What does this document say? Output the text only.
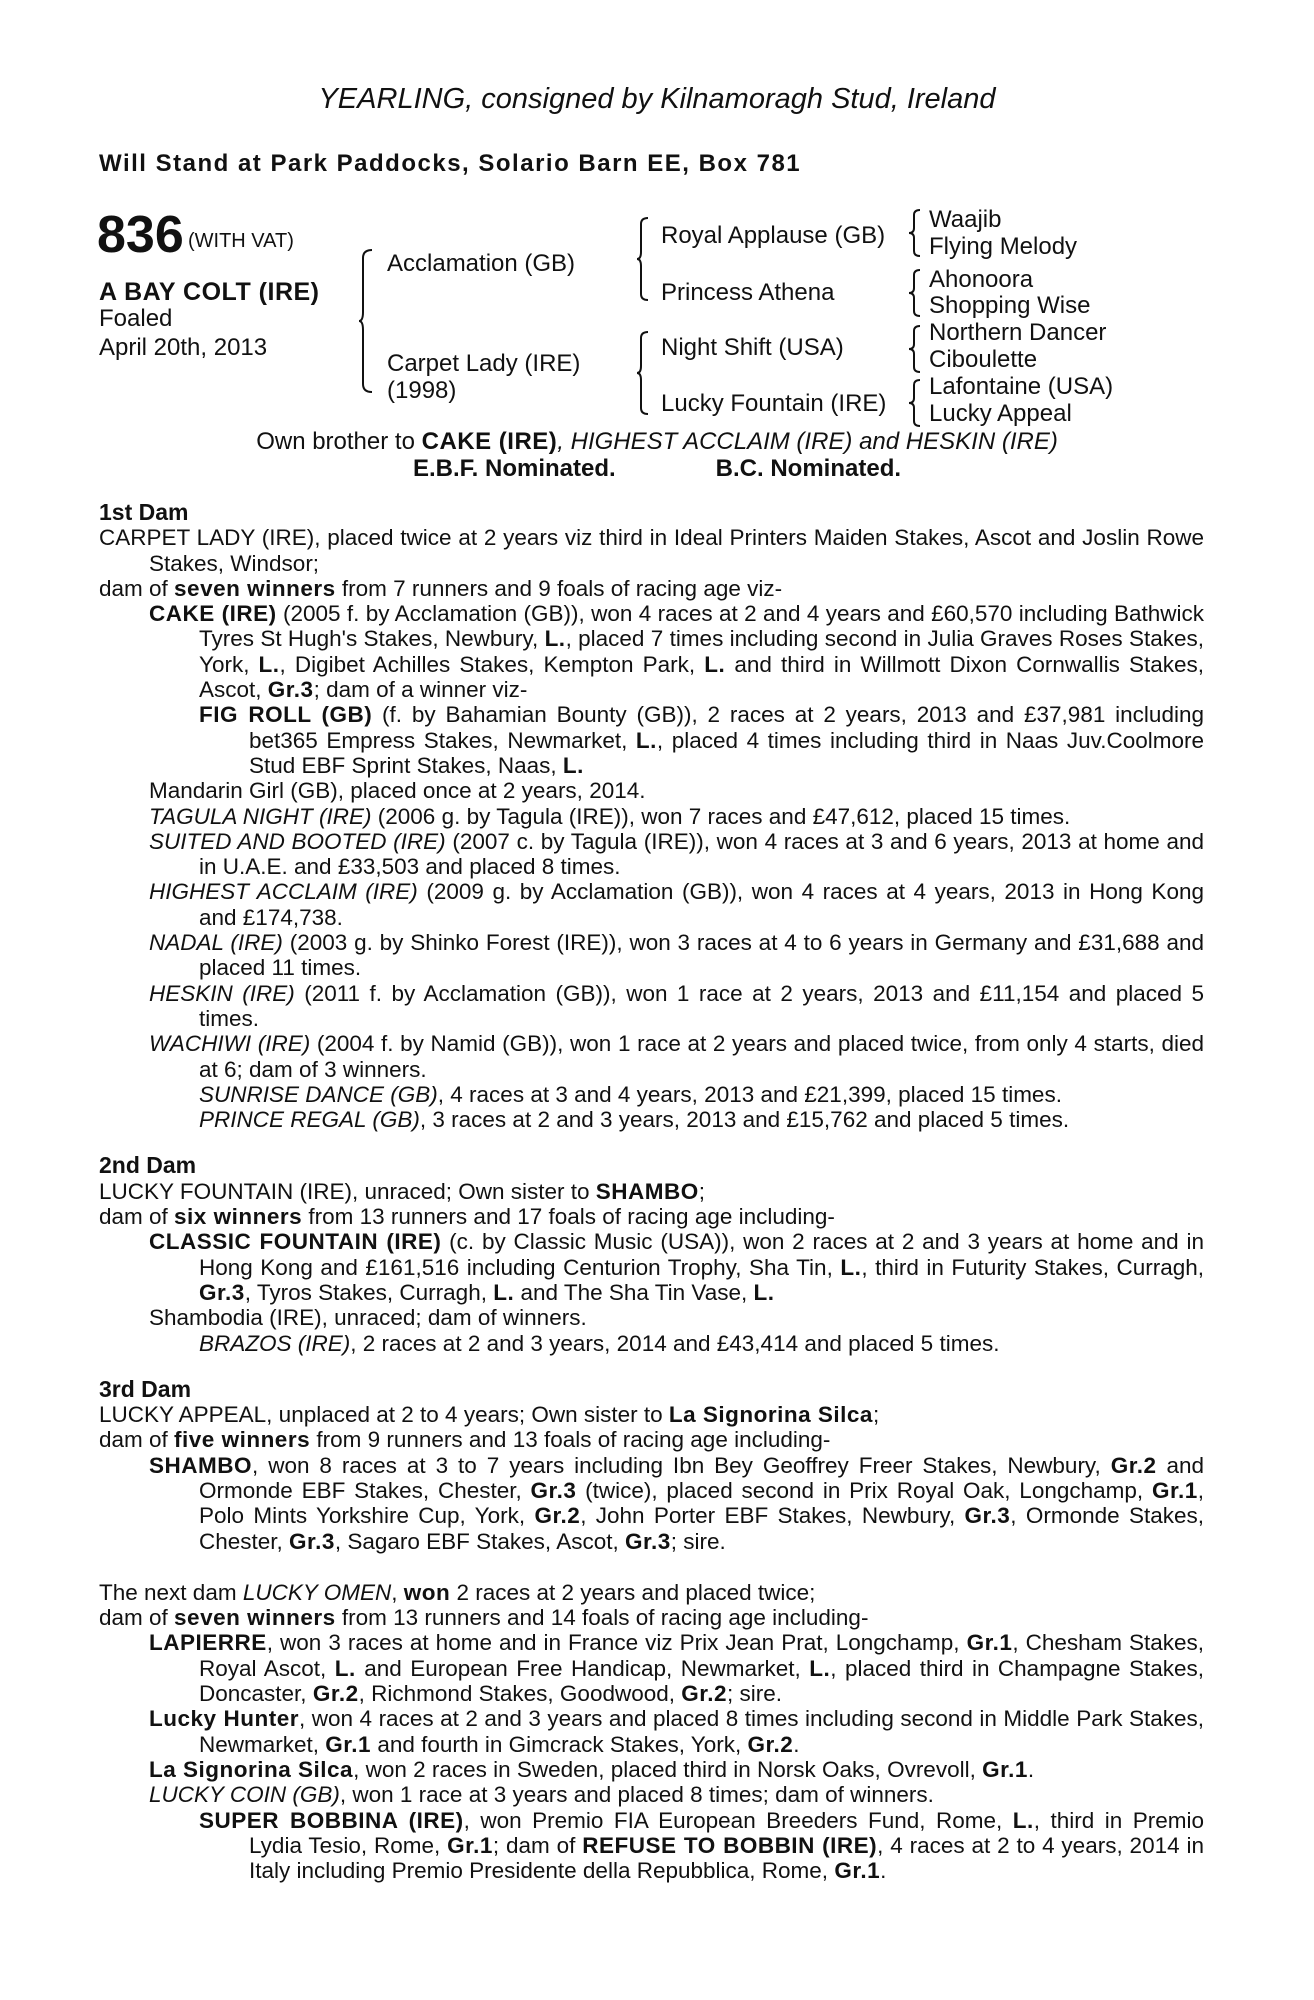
YEARLING, consigned by Kilnamoragh Stud, Ireland
Will Stand at Park Paddocks, Solario Barn EE, Box 781
836 (WITH VAT)
A BAY COLT (IRE)
Foaled
April 20th, 2013
Acclamation (GB)
Carpet Lady (IRE)
(1998)
Royal Applause (GB)
Princess Athena
Night Shift (USA)
Lucky Fountain (IRE)
Waajib
Flying Melody
Ahonoora
Shopping Wise
Northern Dancer
Ciboulette
Lafontaine (USA)
Lucky Appeal
Own brother to CAKE (IRE), HIGHEST ACCLAIM (IRE) and HESKIN (IRE)
E.B.F. Nominated.	B.C. Nominated.

1st Dam

CARPET LADY (IRE), placed twice at 2 years viz third in Ideal Printers Maiden Stakes, Ascot and Joslin Rowe Stakes, Windsor;

dam of seven winners from 7 runners and 9 foals of racing age viz-

CAKE (IRE) (2005 f. by Acclamation (GB)), won 4 races at 2 and 4 years and £60,570 including Bathwick Tyres St Hugh's Stakes, Newbury, L., placed 7 times including second in Julia Graves Roses Stakes, York, L., Digibet Achilles Stakes, Kempton Park, L. and third in Willmott Dixon Cornwallis Stakes, Ascot, Gr.3; dam of a winner viz-

FIG ROLL (GB) (f. by Bahamian Bounty (GB)), 2 races at 2 years, 2013 and £37,981 including bet365 Empress Stakes, Newmarket, L., placed 4 times including third in Naas Juv.Coolmore Stud EBF Sprint Stakes, Naas, L.

Mandarin Girl (GB), placed once at 2 years, 2014.

TAGULA NIGHT (IRE) (2006 g. by Tagula (IRE)), won 7 races and £47,612, placed 15 times.

SUITED AND BOOTED (IRE) (2007 c. by Tagula (IRE)), won 4 races at 3 and 6 years, 2013 at home and in U.A.E. and £33,503 and placed 8 times.

HIGHEST ACCLAIM (IRE) (2009 g. by Acclamation (GB)), won 4 races at 4 years, 2013 in Hong Kong and £174,738.

NADAL (IRE) (2003 g. by Shinko Forest (IRE)), won 3 races at 4 to 6 years in Germany and £31,688 and placed 11 times.

HESKIN (IRE) (2011 f. by Acclamation (GB)), won 1 race at 2 years, 2013 and £11,154 and placed 5 times.

WACHIWI (IRE) (2004 f. by Namid (GB)), won 1 race at 2 years and placed twice, from only 4 starts, died at 6; dam of 3 winners.

SUNRISE DANCE (GB), 4 races at 3 and 4 years, 2013 and £21,399, placed 15 times.

PRINCE REGAL (GB), 3 races at 2 and 3 years, 2013 and £15,762 and placed 5 times.

2nd Dam

LUCKY FOUNTAIN (IRE), unraced; Own sister to SHAMBO;

dam of six winners from 13 runners and 17 foals of racing age including-

CLASSIC FOUNTAIN (IRE) (c. by Classic Music (USA)), won 2 races at 2 and 3 years at home and in Hong Kong and £161,516 including Centurion Trophy, Sha Tin, L., third in Futurity Stakes, Curragh, Gr.3, Tyros Stakes, Curragh, L. and The Sha Tin Vase, L.

Shambodia (IRE), unraced; dam of winners.

BRAZOS (IRE), 2 races at 2 and 3 years, 2014 and £43,414 and placed 5 times.

3rd Dam

LUCKY APPEAL, unplaced at 2 to 4 years; Own sister to La Signorina Silca;

dam of five winners from 9 runners and 13 foals of racing age including-

SHAMBO, won 8 races at 3 to 7 years including Ibn Bey Geoffrey Freer Stakes, Newbury, Gr.2 and Ormonde EBF Stakes, Chester, Gr.3 (twice), placed second in Prix Royal Oak, Longchamp, Gr.1, Polo Mints Yorkshire Cup, York, Gr.2, John Porter EBF Stakes, Newbury, Gr.3, Ormonde Stakes, Chester, Gr.3, Sagaro EBF Stakes, Ascot, Gr.3; sire.

The next dam LUCKY OMEN, won 2 races at 2 years and placed twice;

dam of seven winners from 13 runners and 14 foals of racing age including-

LAPIERRE, won 3 races at home and in France viz Prix Jean Prat, Longchamp, Gr.1, Chesham Stakes, Royal Ascot, L. and European Free Handicap, Newmarket, L., placed third in Champagne Stakes, Doncaster, Gr.2, Richmond Stakes, Goodwood, Gr.2; sire.

Lucky Hunter, won 4 races at 2 and 3 years and placed 8 times including second in Middle Park Stakes, Newmarket, Gr.1 and fourth in Gimcrack Stakes, York, Gr.2.

La Signorina Silca, won 2 races in Sweden, placed third in Norsk Oaks, Ovrevoll, Gr.1.

LUCKY COIN (GB), won 1 race at 3 years and placed 8 times; dam of winners.

SUPER BOBBINA (IRE), won Premio FIA European Breeders Fund, Rome, L., third in Premio Lydia Tesio, Rome, Gr.1; dam of REFUSE TO BOBBIN (IRE), 4 races at 2 to 4 years, 2014 in Italy including Premio Presidente della Repubblica, Rome, Gr.1.
